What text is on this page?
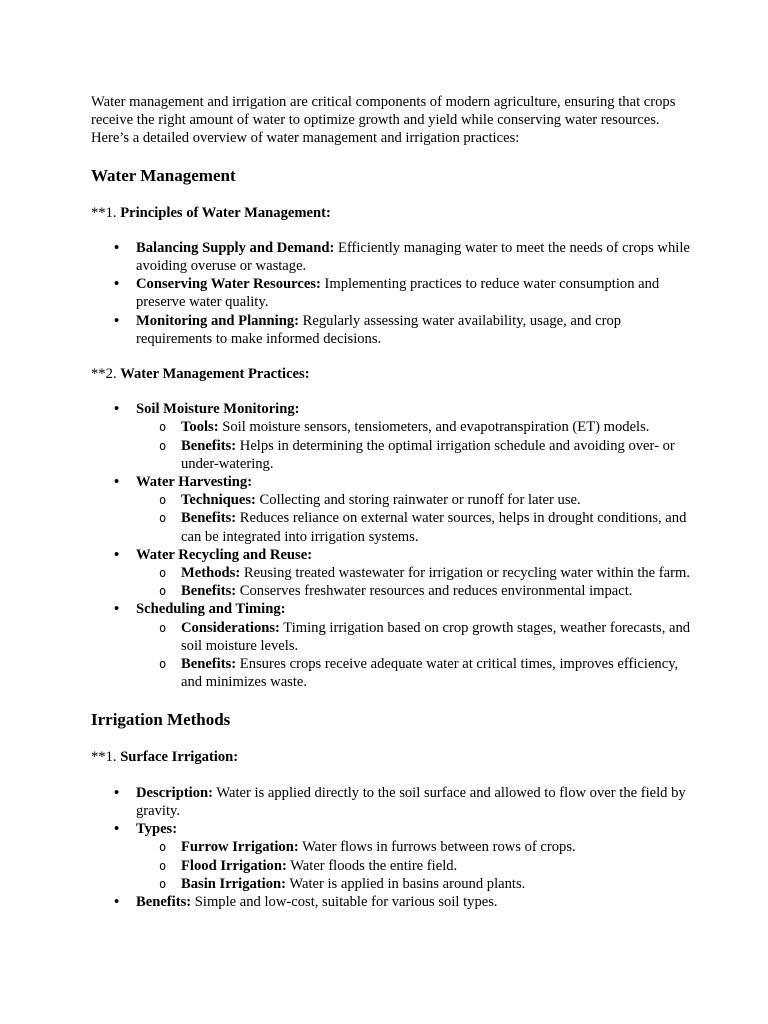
Water management and irrigation are critical components of modern agriculture, ensuring that crops receive the right amount of water to optimize growth and yield while conserving water resources. Here’s a detailed overview of water management and irrigation practices:

Water Management

**1. Principles of Water Management:

• Balancing Supply and Demand: Efficiently managing water to meet the needs of crops while avoiding overuse or wastage.
• Conserving Water Resources: Implementing practices to reduce water consumption and preserve water quality.
• Monitoring and Planning: Regularly assessing water availability, usage, and crop requirements to make informed decisions.

**2. Water Management Practices:

• Soil Moisture Monitoring:
o Tools: Soil moisture sensors, tensiometers, and evapotranspiration (ET) models.
o Benefits: Helps in determining the optimal irrigation schedule and avoiding over- or under-watering.
• Water Harvesting:
o Techniques: Collecting and storing rainwater or runoff for later use.
o Benefits: Reduces reliance on external water sources, helps in drought conditions, and can be integrated into irrigation systems.
• Water Recycling and Reuse:
o Methods: Reusing treated wastewater for irrigation or recycling water within the farm.
o Benefits: Conserves freshwater resources and reduces environmental impact.
• Scheduling and Timing:
o Considerations: Timing irrigation based on crop growth stages, weather forecasts, and soil moisture levels.
o Benefits: Ensures crops receive adequate water at critical times, improves efficiency, and minimizes waste.
Irrigation Methods

**1. Surface Irrigation:

• Description: Water is applied directly to the soil surface and allowed to flow over the field by gravity.
• Types:
o Furrow Irrigation: Water flows in furrows between rows of crops.
o Flood Irrigation: Water floods the entire field.
o Basin Irrigation: Water is applied in basins around plants.
• Benefits: Simple and low-cost, suitable for various soil types.
